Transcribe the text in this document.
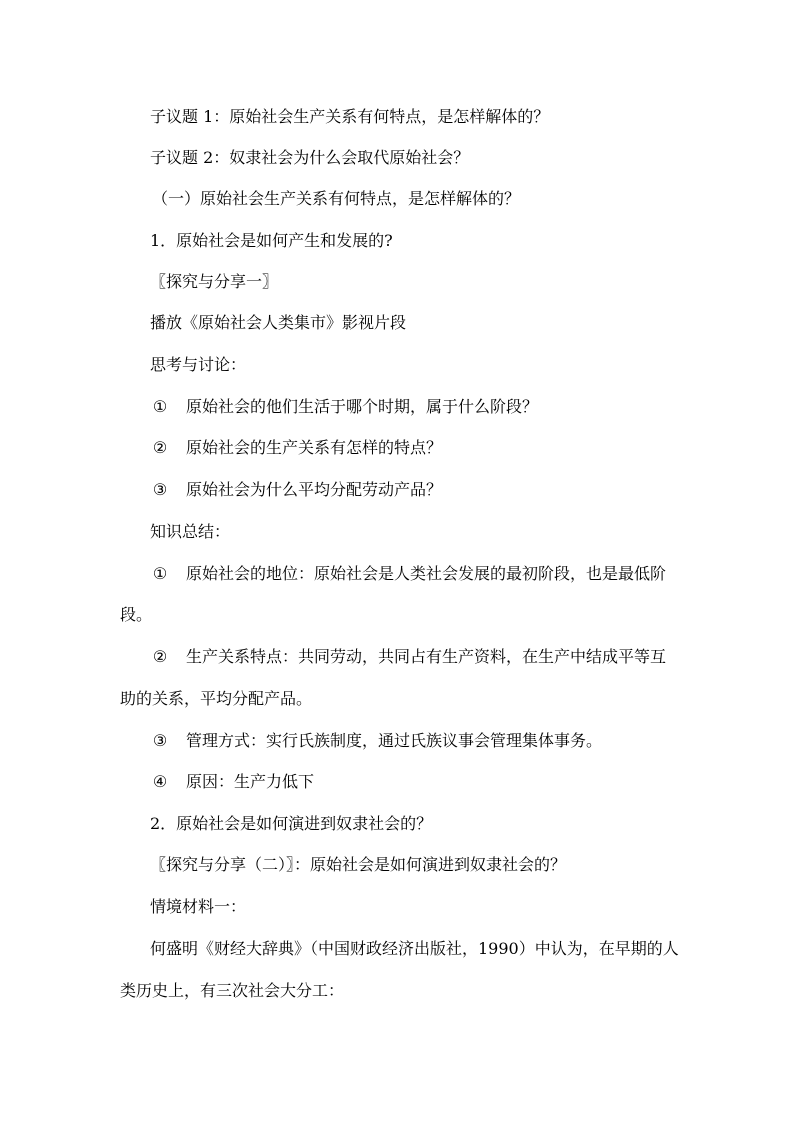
子议题 1：原始社会生产关系有何特点，是怎样解体的？
子议题 2：奴隶社会为什么会取代原始社会？
（一）原始社会生产关系有何特点，是怎样解体的？
1．原始社会是如何产生和发展的?
〖探究与分享一〗
播放《原始社会人类集市》影视片段
思考与讨论：
① 原始社会的他们生活于哪个时期，属于什么阶段？
② 原始社会的生产关系有怎样的特点？
③ 原始社会为什么平均分配劳动产品？
知识总结：
① 原始社会的地位：原始社会是人类社会发展的最初阶段，也是最低阶
段。
② 生产关系特点：共同劳动，共同占有生产资料，在生产中结成平等互
助的关系，平均分配产品。
③ 管理方式：实行氏族制度，通过氏族议事会管理集体事务。
④ 原因：生产力低下
2．原始社会是如何演进到奴隶社会的？
〖探究与分享（二）〗：原始社会是如何演进到奴隶社会的？
情境材料一：
何盛明《财经大辞典》（中国财政经济出版社，1990）中认为，在早期的人
类历史上，有三次社会大分工：
